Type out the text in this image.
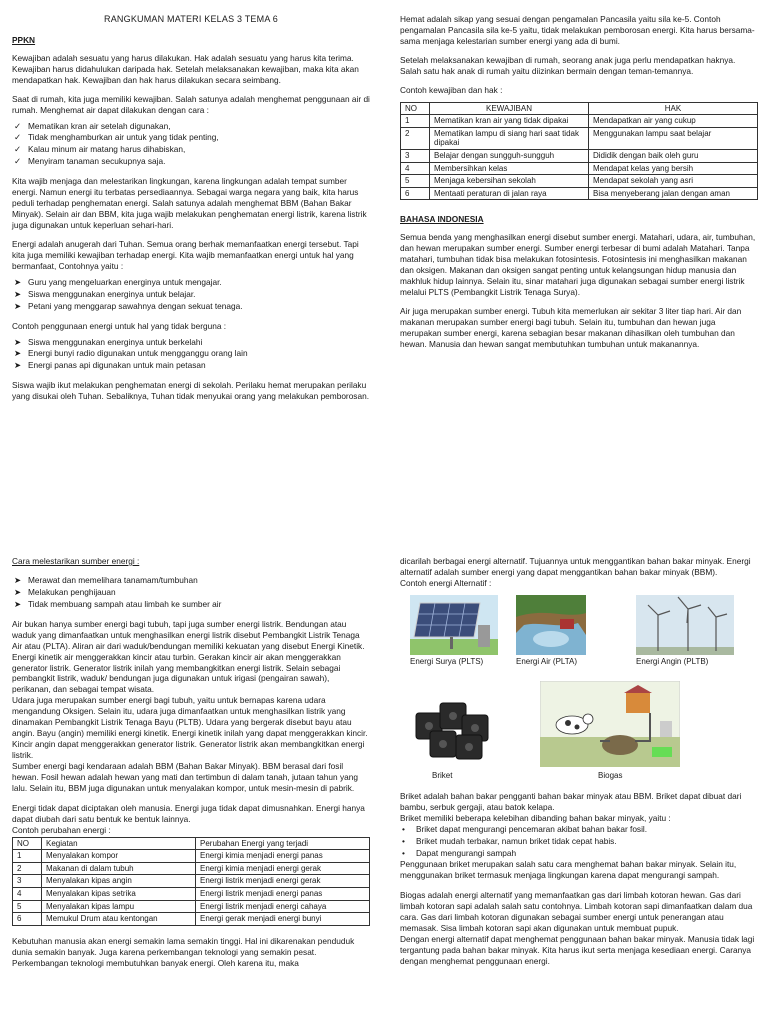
RANGKUMAN MATERI KELAS 3 TEMA 6
PPKN

Kewajiban adalah sesuatu yang harus dilakukan. Hak adalah sesuatu yang harus kita terima. Kewajiban harus didahulukan daripada hak. Setelah melaksanakan kewajiban, maka kita akan mendapatkan hak. Kewajiban dan hak harus dilakukan secara seimbang.

Saat di rumah, kita juga memiliki kewajiban. Salah satunya adalah menghemat penggunaan air di rumah. Menghemat air dapat dilakukan dengan cara :

✓ Mematikan kran air setelah digunakan,
✓ Tidak menghamburkan air untuk yang tidak penting,
✓ Kalau minum air matang harus dihabiskan,
✓ Menyiram tanaman secukupnya saja.

Kita wajib menjaga dan melestarikan lingkungan, karena lingkungan adalah tempat sumber energi. Namun energi itu terbatas persediaannya. Sebagai warga negara yang baik, kita harus peduli terhadap penghematan energi. Salah satunya adalah menghemat BBM (Bahan Bakar Minyak). Selain air dan BBM, kita juga wajib melakukan penghematan energi listrik, karena listrik juga digunakan untuk keperluan sehari-hari.

Energi adalah anugerah dari Tuhan. Semua orang berhak memanfaatkan energi tersebut. Tapi kita juga memiliki kewajiban terhadap energi. Kita wajib memanfaatkan energi untuk hal yang bermanfaat, Contohnya yaitu :

➤ Guru yang mengeluarkan energinya untuk mengajar.
➤ Siswa menggunakan energinya untuk belajar.
➤ Petani yang menggarap sawahnya dengan sekuat tenaga.

Contoh penggunaan energi untuk hal yang tidak berguna :

➤ Siswa menggunakan energinya untuk berkelahi
➤ Energi bunyi radio digunakan untuk mengganggu orang lain
➤ Energi panas api digunakan untuk main petasan

Siswa wajib ikut melakukan penghematan energi di sekolah. Perilaku hemat merupakan perilaku yang disukai oleh Tuhan. Sebaliknya, Tuhan tidak menyukai orang yang melakukan pemborosan.

Hemat adalah sikap yang sesuai dengan pengamalan Pancasila yaitu sila ke-5. Contoh pengamalan Pancasila sila ke-5 yaitu, tidak melakukan pemborosan energi. Kita harus bersama-sama menjaga kelestarian sumber energi yang ada di bumi.

Setelah melaksanakan kewajiban di rumah, seorang anak juga perlu mendapatkan haknya. Salah satu hak anak di rumah yaitu diizinkan bermain dengan teman-temannya.

Contoh kewajiban dan hak :

NO	KEWAJIBAN	HAK
1	Mematikan kran air yang tidak dipakai	Mendapatkan air yang cukup
2	Mematikan lampu di siang hari saat tidak dipakai	Menggunakan lampu saat belajar
3	Belajar dengan sungguh-sungguh	Dididik dengan baik oleh guru
4	Membersihkan kelas	Mendapat kelas yang bersih
5	Menjaga kebersihan sekolah	Mendapat sekolah yang asri
6	Mentaati peraturan di jalan raya	Bisa menyeberang jalan dengan aman
BAHASA INDONESIA

Semua benda yang menghasilkan energi disebut sumber energi. Matahari, udara, air, tumbuhan, dan hewan merupakan sumber energi. Sumber energi terbesar di bumi adalah Matahari. Tanpa matahari, tumbuhan tidak bisa melakukan fotosintesis. Fotosintesis ini menghasilkan makanan dan oksigen. Makanan dan oksigen sangat penting untuk kelangsungan hidup manusia dan makhluk hidup lainnya. Selain itu, sinar matahari juga digunakan sebagai sumber energi listrik melalui PLTS (Pembangkit Listrik Tenaga Surya).

Air juga merupakan sumber energi. Tubuh kita memerlukan air sekitar 3 liter tiap hari. Air dan makanan merupakan sumber energi bagi tubuh. Selain itu, tumbuhan dan hewan juga merupakan sumber energi, karena sebagian besar makanan dihasilkan oleh tumbuhan dan hewan. Manusia dan hewan sangat membutuhkan tumbuhan untuk makanannya.

Cara melestarikan sumber energi :
➤ Merawat dan memelihara tanamam/tumbuhan
➤ Melakukan penghijauan
➤ Tidak membuang sampah atau limbah ke sumber air

Air bukan hanya sumber energi bagi tubuh, tapi juga sumber energi listrik. Bendungan atau waduk yang dimanfaatkan untuk menghasilkan energi listrik disebut Pembangkit Listrik Tenaga Air atau (PLTA). Aliran air dari waduk/bendungan memiliki kekuatan yang disebut Energi Kinetik. Energi kinetik air menggerakkan kincir atau turbin. Gerakan kincir air akan menggerakkan generator listrik. Generator listrik inilah yang membangkitkan energi listrik. Selain sebagai pembangkit listrik, waduk/ bendungan juga digunakan untuk irigasi (pengairan sawah), perikanan, dan sebagai tempat wisata.

Udara juga merupakan sumber energi bagi tubuh, yaitu untuk bernapas karena udara mengandung Oksigen. Selain itu, udara juga dimanfaatkan untuk menghasilkan listrik yang dinamakan Pembangkit Listrik Tenaga Bayu (PLTB). Udara yang bergerak disebut bayu atau angin. Bayu (angin) memiliki energi kinetik. Energi kinetik inilah yang dapat menggerakkan kincir. Kincir angin dapat menggerakkan generator listrik. Generator listrik akan membangkitkan energi listrik.

Sumber energi bagi kendaraan adalah BBM (Bahan Bakar Minyak). BBM berasal dari fosil hewan. Fosil hewan adalah hewan yang mati dan tertimbun di dalam tanah, jutaan tahun yang lalu. Selain itu, BBM juga digunakan untuk menyalakan kompor, untuk mesin-mesin di pabrik.

Energi tidak dapat diciptakan oleh manusia. Energi juga tidak dapat dimusnahkan. Energi hanya dapat diubah dari satu bentuk ke bentuk lainnya.

Contoh perubahan energi :

NO	Kegiatan	Perubahan Energi yang terjadi
1	Menyalakan kompor	Energi kimia menjadi energi panas
2	Makanan di dalam tubuh	Energi kimia menjadi energi gerak
3	Menyalakan kipas angin	Energi listrik menjadi energi gerak
4	Menyalakan kipas setrika	Energi listrik menjadi energi panas
5	Menyalakan kipas lampu	Energi listrik menjadi energi cahaya
6	Memukul Drum atau kentongan	Energi gerak menjadi energi bunyi

Kebutuhan manusia akan energi semakin lama semakin tinggi. Hal ini dikarenakan penduduk dunia semakin banyak. Juga karena perkembangan teknologi yang semakin pesat. Perkembangan teknologi membutuhkan banyak energi. Oleh karena itu, maka

dicarilah berbagai energi alternatif. Tujuannya untuk menggantikan bahan bakar minyak. Energi alternatif adalah sumber energi yang dapat menggantikan bahan bakar minyak (BBM).

Contoh energi Alternatif :

Energi Surya (PLTS)	Energi Air (PLTA)	Energi Angin (PLTB)
Briket	Biogas

Briket adalah bahan bakar pengganti bahan bakar minyak atau BBM. Briket dapat dibuat dari bambu, serbuk gergaji, atau batok kelapa.

Briket memiliki beberapa kelebihan dibanding bahan bakar minyak, yaitu :

• Briket dapat mengurangi pencemaran akibat bahan bakar fosil.
• Briket mudah terbakar, namun briket tidak cepat habis.
• Dapat mengurangi sampah

Penggunaan briket merupakan salah satu cara menghemat bahan bakar minyak. Selain itu, menggunakan briket termasuk menjaga lingkungan karena dapat mengurangi sampah.

Biogas adalah energi alternatif yang memanfaatkan gas dari limbah kotoran hewan. Gas dari limbah kotoran sapi adalah salah satu contohnya. Limbah kotoran sapi dimanfaatkan dalam dua cara. Gas dari limbah kotoran digunakan sebagai sumber energi untuk penerangan atau memasak. Sisa limbah kotoran sapi akan digunakan untuk membuat pupuk.

Dengan energi alternatif dapat menghemat penggunaan bahan bakar minyak. Manusia tidak lagi tergantung pada bahan bakar minyak. Kita harus ikut serta menjaga kesediaan energi. Caranya dengan menghemat penggunaan energi.
